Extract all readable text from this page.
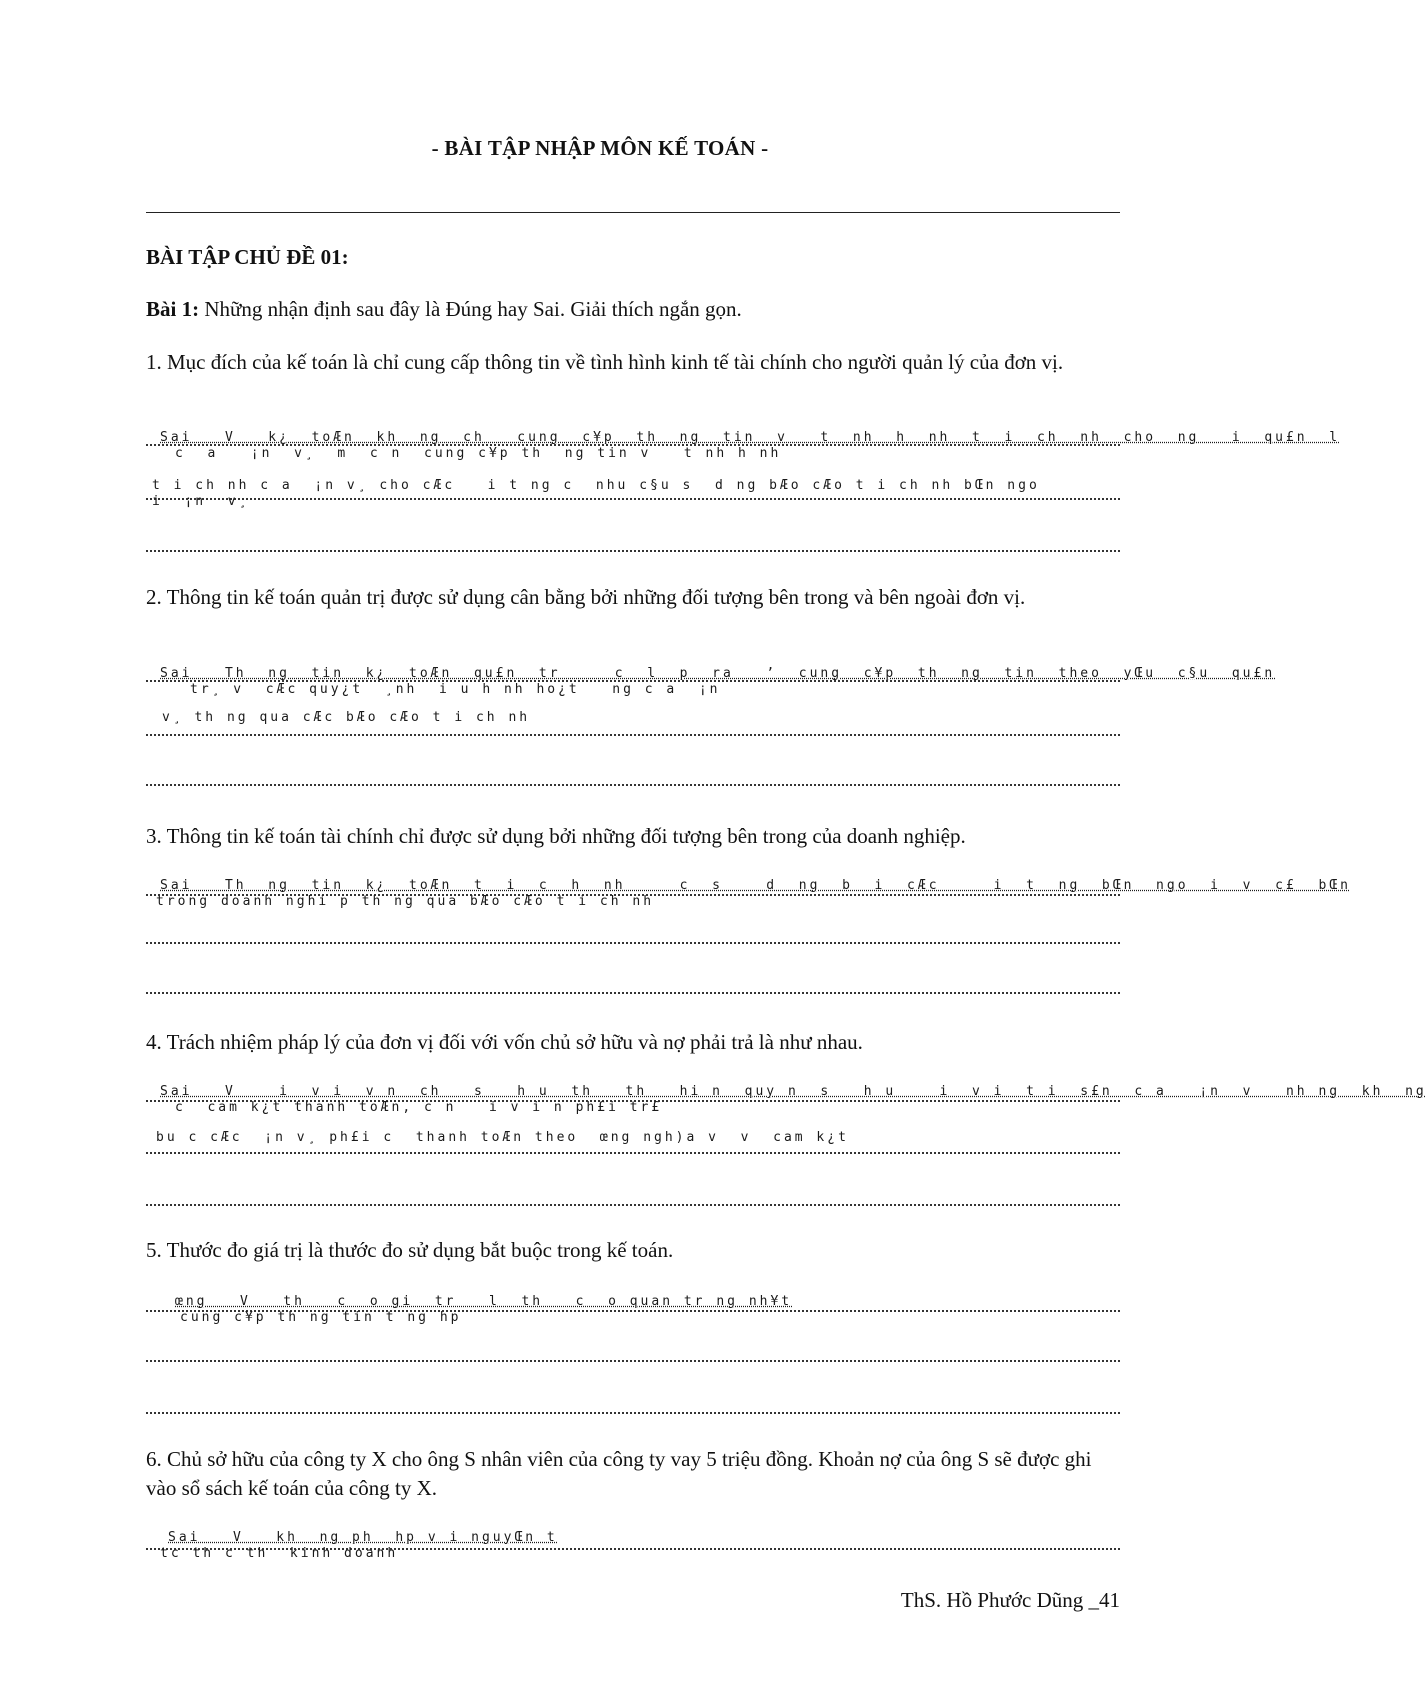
- BÀI TẬP NHẬP MÔN KẾ TOÁN -
BÀI TẬP CHỦ ĐỀ 01:
Bài 1: Những nhận định sau đây là Đúng hay Sai. Giải thích ngắn gọn.
1. Mục đích của kế toán là chỉ cung cấp thông tin về tình hình kinh tế tài chính cho người quản lý của đơn vị.
Sai   V   k¿  toÆn  kh  ng  ch   cung  c¥p  th  ng  tin  v   t  nh  h  nh  t  i  ch  nh  cho  ng   i  qu£n  l
c  a   ¡n  v¸  m  c n  cung c¥p th  ng tin v   t nh h nh
t i ch nh c a  ¡n v¸ cho cÆc   i t ng c  nhu c§u s  d ng bÆo cÆo t i ch nh bŒn ngo
i  ¡n  v¸
2. Thông tin kế toán quản trị được sử dụng cân bằng bởi những đối tượng bên trong và bên ngoài đơn vị.
Sai   Th  ng  tin  k¿  toÆn  qu£n  tr     c  l  p  ra   ’  cung  c¥p  th  ng  tin  theo  yŒu  c§u  qu£n
tr¸ v  cÆc quy¿t  ¸nh  i u h nh ho¿t   ng c a  ¡n
v¸ th ng qua cÆc bÆo cÆo t i ch nh
3. Thông tin kế toán tài chính chỉ được sử dụng bởi những đối tượng bên trong của doanh nghiệp.
Sai   Th  ng  tin  k¿  toÆn  t  i  c  h  nh     c  s    d  ng  b  i  cÆc     i  t  ng  bŒn  ngo  i  v  c£  bŒn
trong doanh nghi p th ng qua bÆo cÆo t i ch nh
4. Trách nhiệm pháp lý của đơn vị đối với vốn chủ sở hữu và nợ phải trả là như nhau.
Sai   V    i  v i  v n  ch   s   h u  th   th   hi n  quy n  s   h u    i  v i  t i  s£n  c a   ¡n  v   nh ng  kh  ng
c  cam k¿t thanh toÆn, c n   i v i n ph£i tr£
bu c cÆc  ¡n v¸ ph£i c  thanh toÆn theo  œng ngh)a v  v  cam k¿t
5. Thước đo giá trị là thước đo sử dụng bắt buộc trong kế toán.
œng   V   th   c  o gi  tr   l  th   c  o quan tr ng nh¥t
cung c¥p th ng tin t ng hp
6. Chủ sở hữu của công ty X cho ông S nhân viên của công ty vay 5 triệu đồng. Khoản nợ của ông S sẽ được ghi vào sổ sách kế toán của công ty X.
Sai   V   kh  ng ph  hp v i nguyŒn t
tc th c th  kinh doanh
ThS. Hồ Phước Dũng _41
